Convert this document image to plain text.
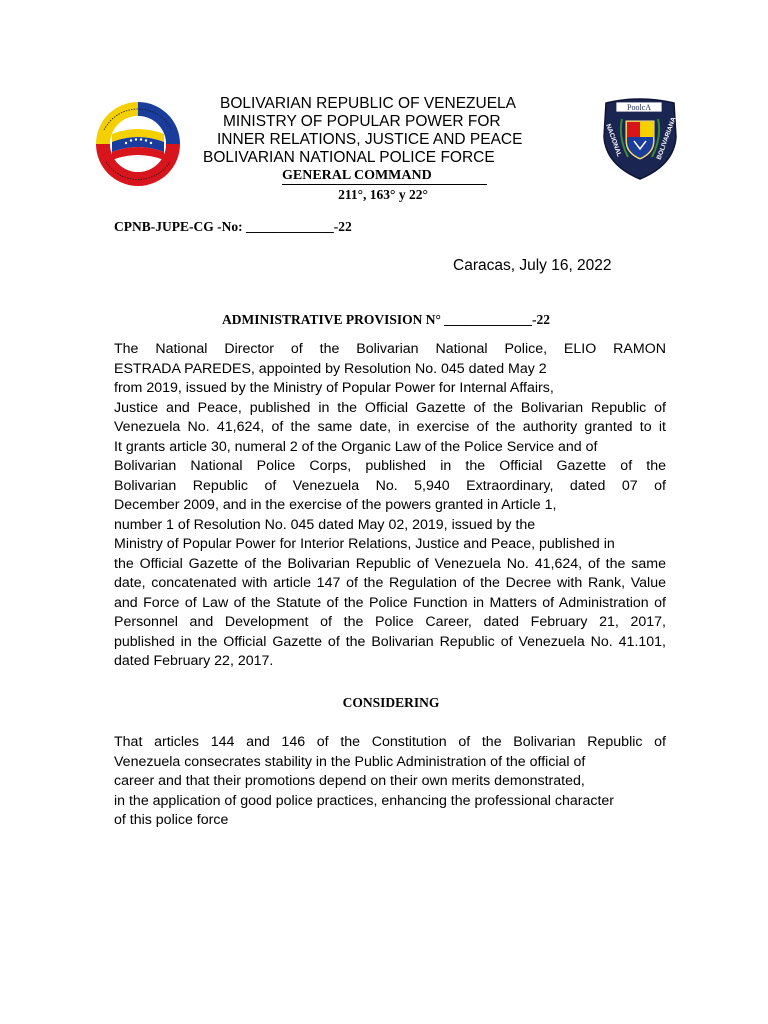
PoolcA
NACIONAL	BOLIVARIANA
BOLIVARIAN REPUBLIC OF VENEZUELA
MINISTRY OF POPULAR POWER FOR
INNER RELATIONS, JUSTICE AND PEACE
BOLIVARIAN NATIONAL POLICE FORCE
GENERAL COMMAND
211°, 163° y 22°
CPNB-JUPE-CG -No: _____________-22
Caracas, July 16, 2022
ADMINISTRATIVE PROVISION N° _____________-22
The National Director of the Bolivarian National Police, ELIO RAMON
ESTRADA PAREDES, appointed by Resolution No. 045 dated May 2
from 2019, issued by the Ministry of Popular Power for Internal Affairs,
Justice and Peace, published in the Official Gazette of the Bolivarian Republic of
Venezuela No. 41,624, of the same date, in exercise of the authority granted to it
It grants article 30, numeral 2 of the Organic Law of the Police Service and of
Bolivarian National Police Corps, published in the Official Gazette of the
Bolivarian Republic of Venezuela No. 5,940 Extraordinary, dated 07 of
December 2009, and in the exercise of the powers granted in Article 1,
number 1 of Resolution No. 045 dated May 02, 2019, issued by the
Ministry of Popular Power for Interior Relations, Justice and Peace, published in
the Official Gazette of the Bolivarian Republic of Venezuela No. 41,624, of the same
date, concatenated with article 147 of the Regulation of the Decree with Rank, Value
and Force of Law of the Statute of the Police Function in Matters of Administration of
Personnel and Development of the Police Career, dated February 21, 2017,
published in the Official Gazette of the Bolivarian Republic of Venezuela No. 41.101,
dated February 22, 2017.
CONSIDERING
That articles 144 and 146 of the Constitution of the Bolivarian Republic of
Venezuela consecrates stability in the Public Administration of the official of
career and that their promotions depend on their own merits demonstrated,
in the application of good police practices, enhancing the professional character
of this police force
